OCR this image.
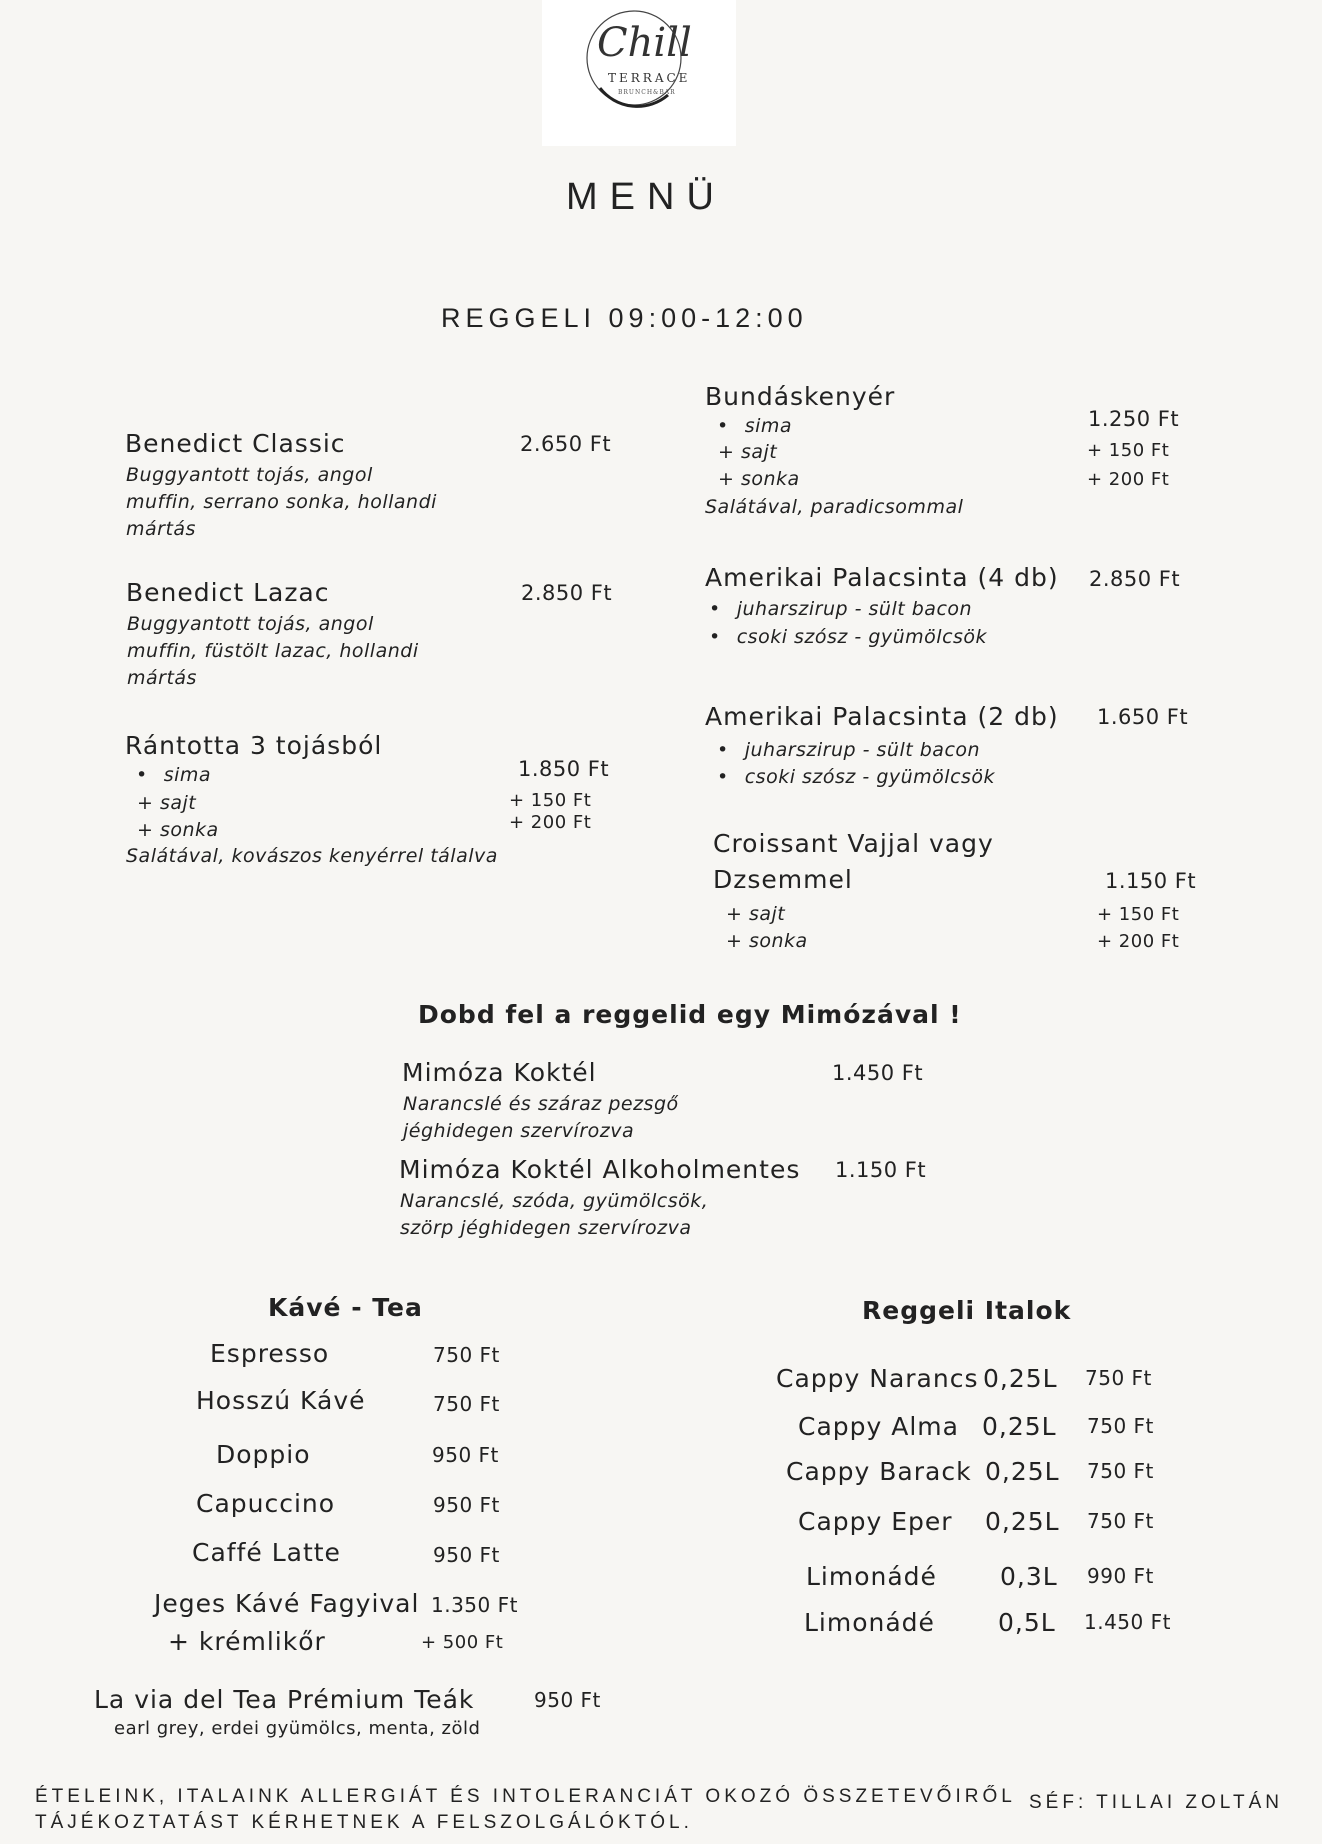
Chill
TERRACE
BRUNCH&BAR
MENÜ
REGGELI 09:00-12:00
Benedict Classic	2.650 Ft
Buggyantott tojás, angol
muffin, serrano sonka, hollandi
mártás
Benedict Lazac	2.850 Ft
Buggyantott tojás, angol
muffin, füstölt lazac, hollandi
mártás
Rántotta 3 tojásból
• sima
+ sajt
+ sonka
Salátával, kovászos kenyérrel tálalva
1.850 Ft
+ 150 Ft
+ 200 Ft
Bundáskenyér
• sima
+ sajt
+ sonka
Salátával, paradicsommal
1.250 Ft
+ 150 Ft
+ 200 Ft
Amerikai Palacsinta (4 db) 2.850 Ft
• juharszirup - sült bacon
• csoki szósz - gyümölcsök
Amerikai Palacsinta (2 db) 1.650 Ft
• juharszirup - sült bacon
• csoki szósz - gyümölcsök
Croissant Vajjal vagy
Dzsemmel	1.150 Ft
+ sajt
+ sonka
+ 150 Ft
+ 200 Ft
Dobd fel a reggelid egy Mimózával !
Mimóza Koktél	1.450 Ft
Narancslé és száraz pezsgő
jéghidegen szervírozva
Mimóza Koktél Alkoholmentes 1.150 Ft
Narancslé, szóda, gyümölcsök,
szörp jéghidegen szervírozva
Kávé - Tea
Espresso	750 Ft
Hosszú Kávé	750 Ft
Doppio	950 Ft
Capuccino	950 Ft
Caffé Latte	950 Ft
Jeges Kávé Fagyival 1.350 Ft
+ krémlikőr	+ 500 Ft
La via del Tea Prémium Teák	950 Ft
earl grey, erdei gyümölcs, menta, zöld
Reggeli Italok
Cappy Narancs 0,25L 750 Ft
Cappy Alma 0,25L 750 Ft
Cappy Barack 0,25L 750 Ft
Cappy Eper 0,25L 750 Ft
Limonádé	0,3L 990 Ft
Limonádé	0,5L 1.450 Ft
ÉTELEINK, ITALAINK ALLERGIÁT ÉS INTOLERANCIÁT OKOZÓ ÖSSZETEVŐIRŐL
TÁJÉKOZTATÁST KÉRHETNEK A FELSZOLGÁLÓKTÓL.
SÉF: TILLAI ZOLTÁN
